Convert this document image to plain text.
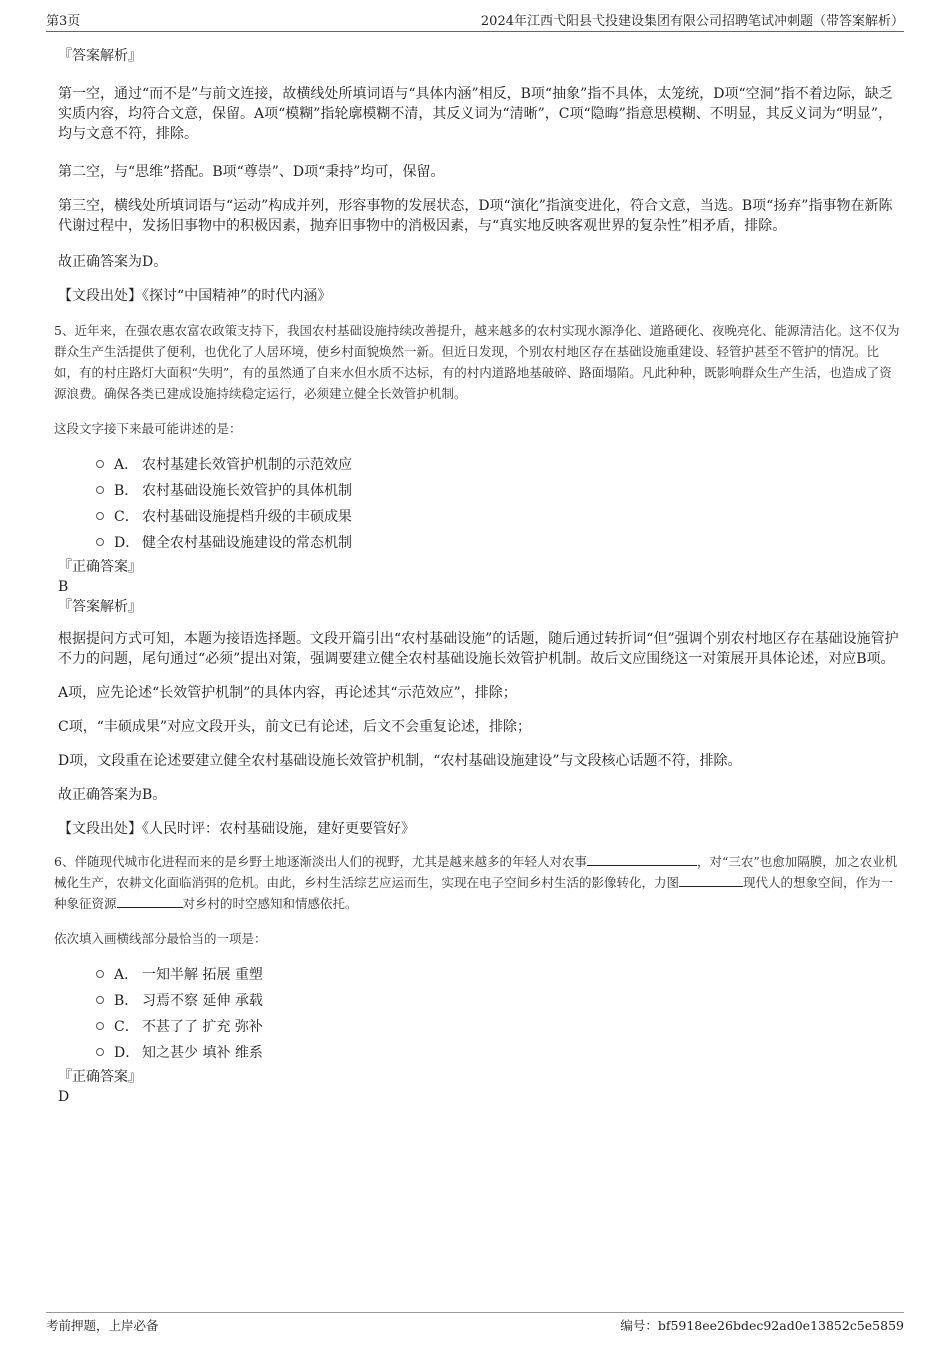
第3页	2024年江西弋阳县弋投建设集团有限公司招聘笔试冲刺题（带答案解析）

『答案解析』

第一空，通过“而不是”与前文连接，故横线处所填词语与“具体内涵”相反，B项“抽象”指不具体，太笼统，D项“空洞”指不着边际，缺乏实质内容，均符合文意，保留。A项“模糊”指轮廓模糊不清，其反义词为“清晰”，C项“隐晦”指意思模糊、不明显，其反义词为“明显”，均与文意不符，排除。

第二空，与“思维”搭配。B项“尊崇”、D项“秉持”均可，保留。

第三空，横线处所填词语与“运动”构成并列，形容事物的发展状态，D项“演化”指演变进化，符合文意，当选。B项“扬弃”指事物在新陈代谢过程中，发扬旧事物中的积极因素，抛弃旧事物中的消极因素，与“真实地反映客观世界的复杂性”相矛盾，排除。

故正确答案为D。

【文段出处】《探讨“中国精神”的时代内涵》

5、近年来，在强农惠农富农政策支持下，我国农村基础设施持续改善提升，越来越多的农村实现水源净化、道路硬化、夜晚亮化、能源清洁化。这不仅为群众生产生活提供了便利，也优化了人居环境，使乡村面貌焕然一新。但近日发现，个别农村地区存在基础设施重建设、轻管护甚至不管护的情况。比如，有的村庄路灯大面积“失明”，有的虽然通了自来水但水质不达标，有的村内道路地基破碎、路面塌陷。凡此种种，既影响群众生产生活，也造成了资源浪费。确保各类已建成设施持续稳定运行，必须建立健全长效管护机制。

这段文字接下来最可能讲述的是：

A． 农村基建长效管护机制的示范效应
B． 农村基础设施长效管护的具体机制
C． 农村基础设施提档升级的丰硕成果
D． 健全农村基础设施建设的常态机制

『正确答案』

B

『答案解析』

根据提问方式可知，本题为接语选择题。文段开篇引出“农村基础设施”的话题，随后通过转折词“但”强调个别农村地区存在基础设施管护不力的问题，尾句通过“必须”提出对策，强调要建立健全农村基础设施长效管护机制。故后文应围绕这一对策展开具体论述，对应B项。

A项，应先论述“长效管护机制”的具体内容，再论述其“示范效应”，排除；

C项，“丰硕成果”对应文段开头，前文已有论述，后文不会重复论述，排除；

D项，文段重在论述要建立健全农村基础设施长效管护机制，“农村基础设施建设”与文段核心话题不符，排除。

故正确答案为B。

【文段出处】《人民时评：农村基础设施，建好更要管好》

6、伴随现代城市化进程而来的是乡野土地逐渐淡出人们的视野，尤其是越来越多的年轻人对农事	，对“三农”也愈加隔膜，加之农业机械化生产，农耕文化面临消弭的危机。由此，乡村生活综艺应运而生，实现在电子空间乡村生活的影像转化，力图	现代人的想象空间，作为一种象征资源	对乡村的时空感知和情感依托。

依次填入画横线部分最恰当的一项是：

A． 一知半解 拓展 重塑
B． 习焉不察 延伸 承载
C． 不甚了了 扩充 弥补
D． 知之甚少 填补 维系

『正确答案』

D

考前押题，上岸必备	编号：bf5918ee26bdec92ad0e13852c5e5859
